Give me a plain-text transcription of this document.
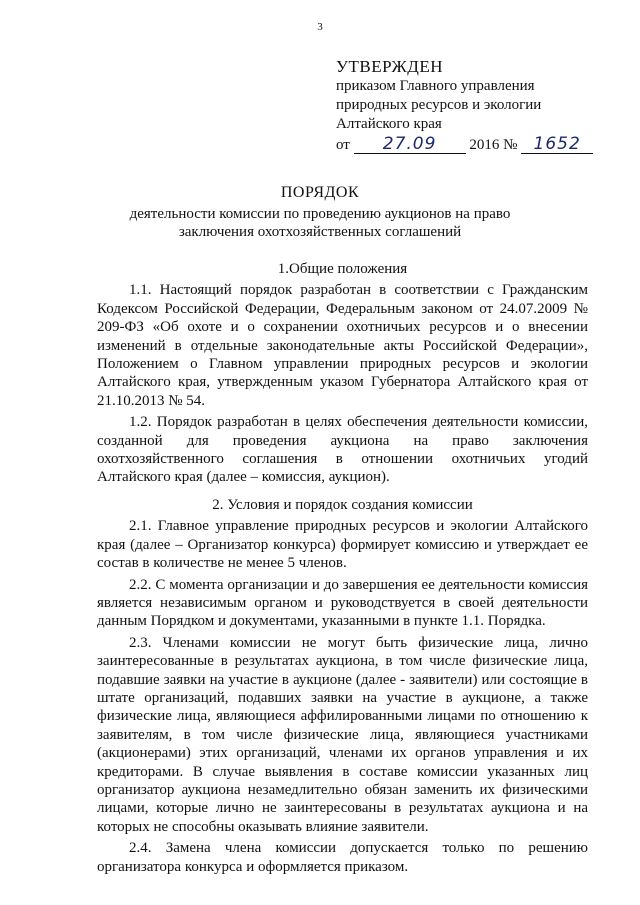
3
УТВЕРЖДЕН
приказом Главного управления
природных ресурсов и экологии
Алтайского края
от 27.09 2016 № 1652
ПОРЯДОК
деятельности комиссии по проведению аукционов на право
заключения охотхозяйственных соглашений
1.Общие положения

1.1. Настоящий порядок разработан в соответствии с Гражданским Кодексом Российской Федерации, Федеральным законом от 24.07.2009 № 209-ФЗ «Об охоте и о сохранении охотничьих ресурсов и о внесении изменений в отдельные законодательные акты Российской Федерации», Положением о Главном управлении природных ресурсов и экологии Алтайского края, утвержденным указом Губернатора Алтайского края от 21.10.2013 № 54.

1.2. Порядок разработан в целях обеспечения деятельности комиссии, созданной для проведения аукциона на право заключения охотхозяйственного соглашения в отношении охотничьих угодий Алтайского края (далее – комиссия, аукцион).

2. Условия и порядок создания комиссии

2.1. Главное управление природных ресурсов и экологии Алтайского края (далее – Организатор конкурса) формирует комиссию и утверждает ее состав в количестве не менее 5 членов.

2.2. С момента организации и до завершения ее деятельности комиссия является независимым органом и руководствуется в своей деятельности данным Порядком и документами, указанными в пункте 1.1. Порядка.

2.3. Членами комиссии не могут быть физические лица, лично заинтересованные в результатах аукциона, в том числе физические лица, подавшие заявки на участие в аукционе (далее - заявители) или состоящие в штате организаций, подавших заявки на участие в аукционе, а также физические лица, являющиеся аффилированными лицами по отношению к заявителям, в том числе физические лица, являющиеся участниками (акционерами) этих организаций, членами их органов управления и их кредиторами. В случае выявления в составе комиссии указанных лиц организатор аукциона незамедлительно обязан заменить их физическими лицами, которые лично не заинтересованы в результатах аукциона и на которых не способны оказывать влияние заявители.

2.4. Замена члена комиссии допускается только по решению организатора конкурса и оформляется приказом.
